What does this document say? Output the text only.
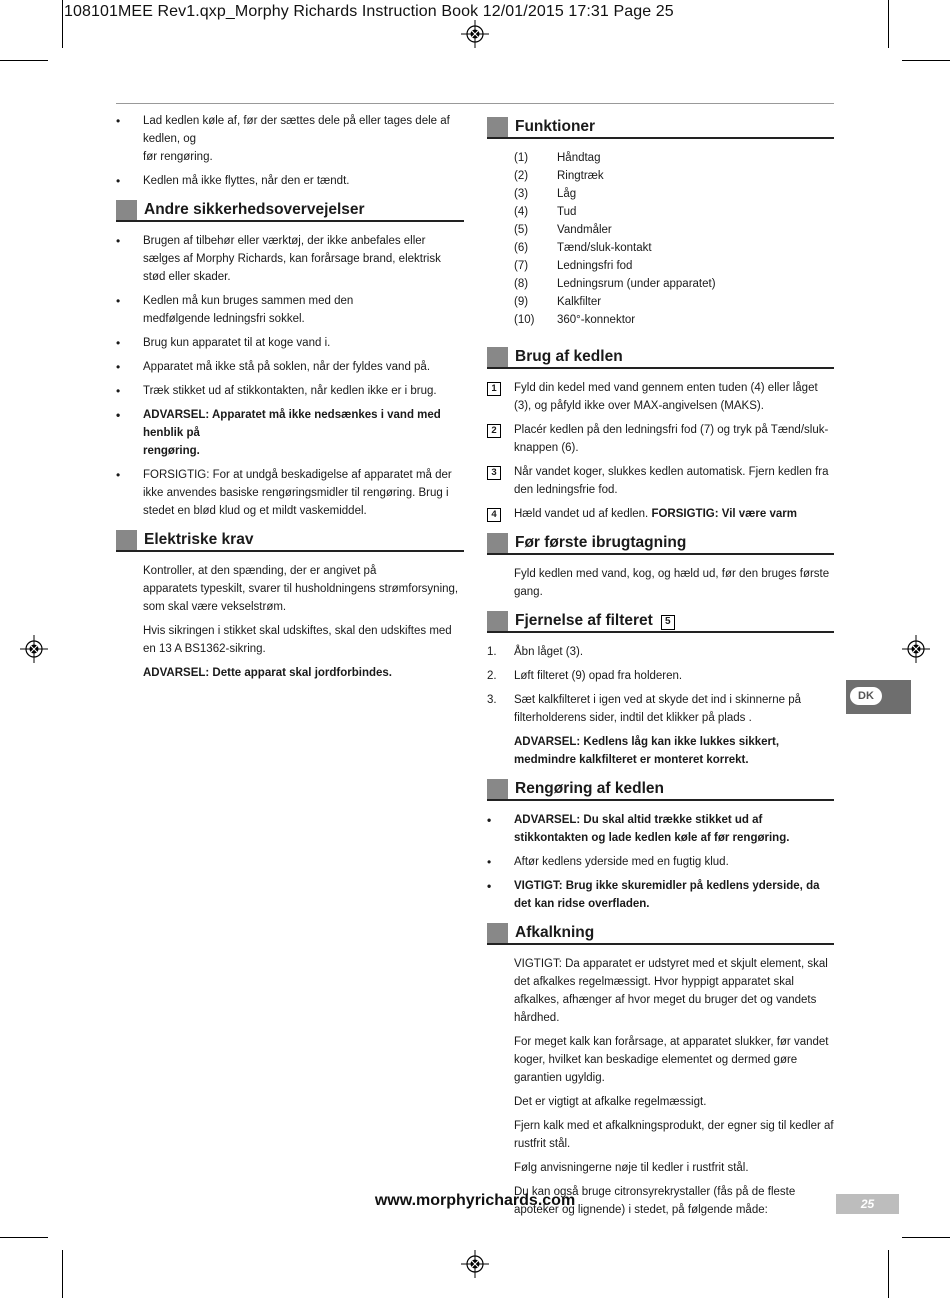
108101MEE Rev1.qxp_Morphy Richards Instruction Book 12/01/2015 17:31 Page 25
• Lad kedlen køle af, før der sættes dele på eller tages dele af kedlen, og
før rengøring.
• Kedlen må ikke flyttes, når den er tændt.
Andre sikkerhedsovervejelser
• Brugen af tilbehør eller værktøj, der ikke anbefales eller sælges af Morphy Richards, kan forårsage brand, elektrisk stød eller skader.
• Kedlen må kun bruges sammen med den
medfølgende ledningsfri sokkel.
• Brug kun apparatet til at koge vand i.
• Apparatet må ikke stå på soklen, når der fyldes vand på.
• Træk stikket ud af stikkontakten, når kedlen ikke er i brug.
• ADVARSEL: Apparatet må ikke nedsænkes i vand med henblik på
rengøring.
• FORSIGTIG: For at undgå beskadigelse af apparatet må der ikke anvendes basiske rengøringsmidler til rengøring. Brug i stedet en blød klud og et mildt vaskemiddel.
Elektriske krav
Kontroller, at den spænding, der er angivet på
apparatets typeskilt, svarer til husholdningens strømforsyning, som skal være vekselstrøm.
Hvis sikringen i stikket skal udskiftes, skal den udskiftes med en 13 A BS1362-sikring.
ADVARSEL: Dette apparat skal jordforbindes.
Funktioner
(1)	Håndtag
(2)	Ringtræk
(3)	Låg
(4)	Tud
(5)	Vandmåler
(6)	Tænd/sluk-kontakt
(7)	Ledningsfri fod
(8)	Ledningsrum (under apparatet)
(9)	Kalkfilter
(10)	360°-konnektor
Brug af kedlen
1	Fyld din kedel med vand gennem enten tuden (4) eller låget (3), og påfyld ikke over MAX-angivelsen (MAKS).
2	Placér kedlen på den ledningsfri fod (7) og tryk på Tænd/sluk-knappen (6).
3	Når vandet koger, slukkes kedlen automatisk. Fjern kedlen fra den ledningsfrie fod.
4	Hæld vandet ud af kedlen. FORSIGTIG: Vil være varm
Før første ibrugtagning
Fyld kedlen med vand, kog, og hæld ud, før den bruges første gang.
Fjernelse af filteret 5
1. Åbn låget (3).
2. Løft filteret (9) opad fra holderen.
3. Sæt kalkfilteret i igen ved at skyde det ind i skinnerne på filterholderens sider, indtil det klikker på plads .
ADVARSEL: Kedlens låg kan ikke lukkes sikkert, medmindre kalkfilteret er monteret korrekt.
Rengøring af kedlen
• ADVARSEL: Du skal altid trække stikket ud af stikkontakten og lade kedlen køle af før rengøring.
• Aftør kedlens yderside med en fugtig klud.
• VIGTIGT: Brug ikke skuremidler på kedlens yderside, da det kan ridse overfladen.
Afkalkning
VIGTIGT: Da apparatet er udstyret med et skjult element, skal det afkalkes regelmæssigt. Hvor hyppigt apparatet skal afkalkes, afhænger af hvor meget du bruger det og vandets hårdhed.
For meget kalk kan forårsage, at apparatet slukker, før vandet koger, hvilket kan beskadige elementet og dermed gøre garantien ugyldig.
Det er vigtigt at afkalke regelmæssigt.
Fjern kalk med et afkalkningsprodukt, der egner sig til kedler af rustfrit stål.
Følg anvisningerne nøje til kedler i rustfrit stål.
Du kan også bruge citronsyrekrystaller (fås på de fleste apoteker og lignende) i stedet, på følgende måde:
DK
www.morphyrichards.com	25
